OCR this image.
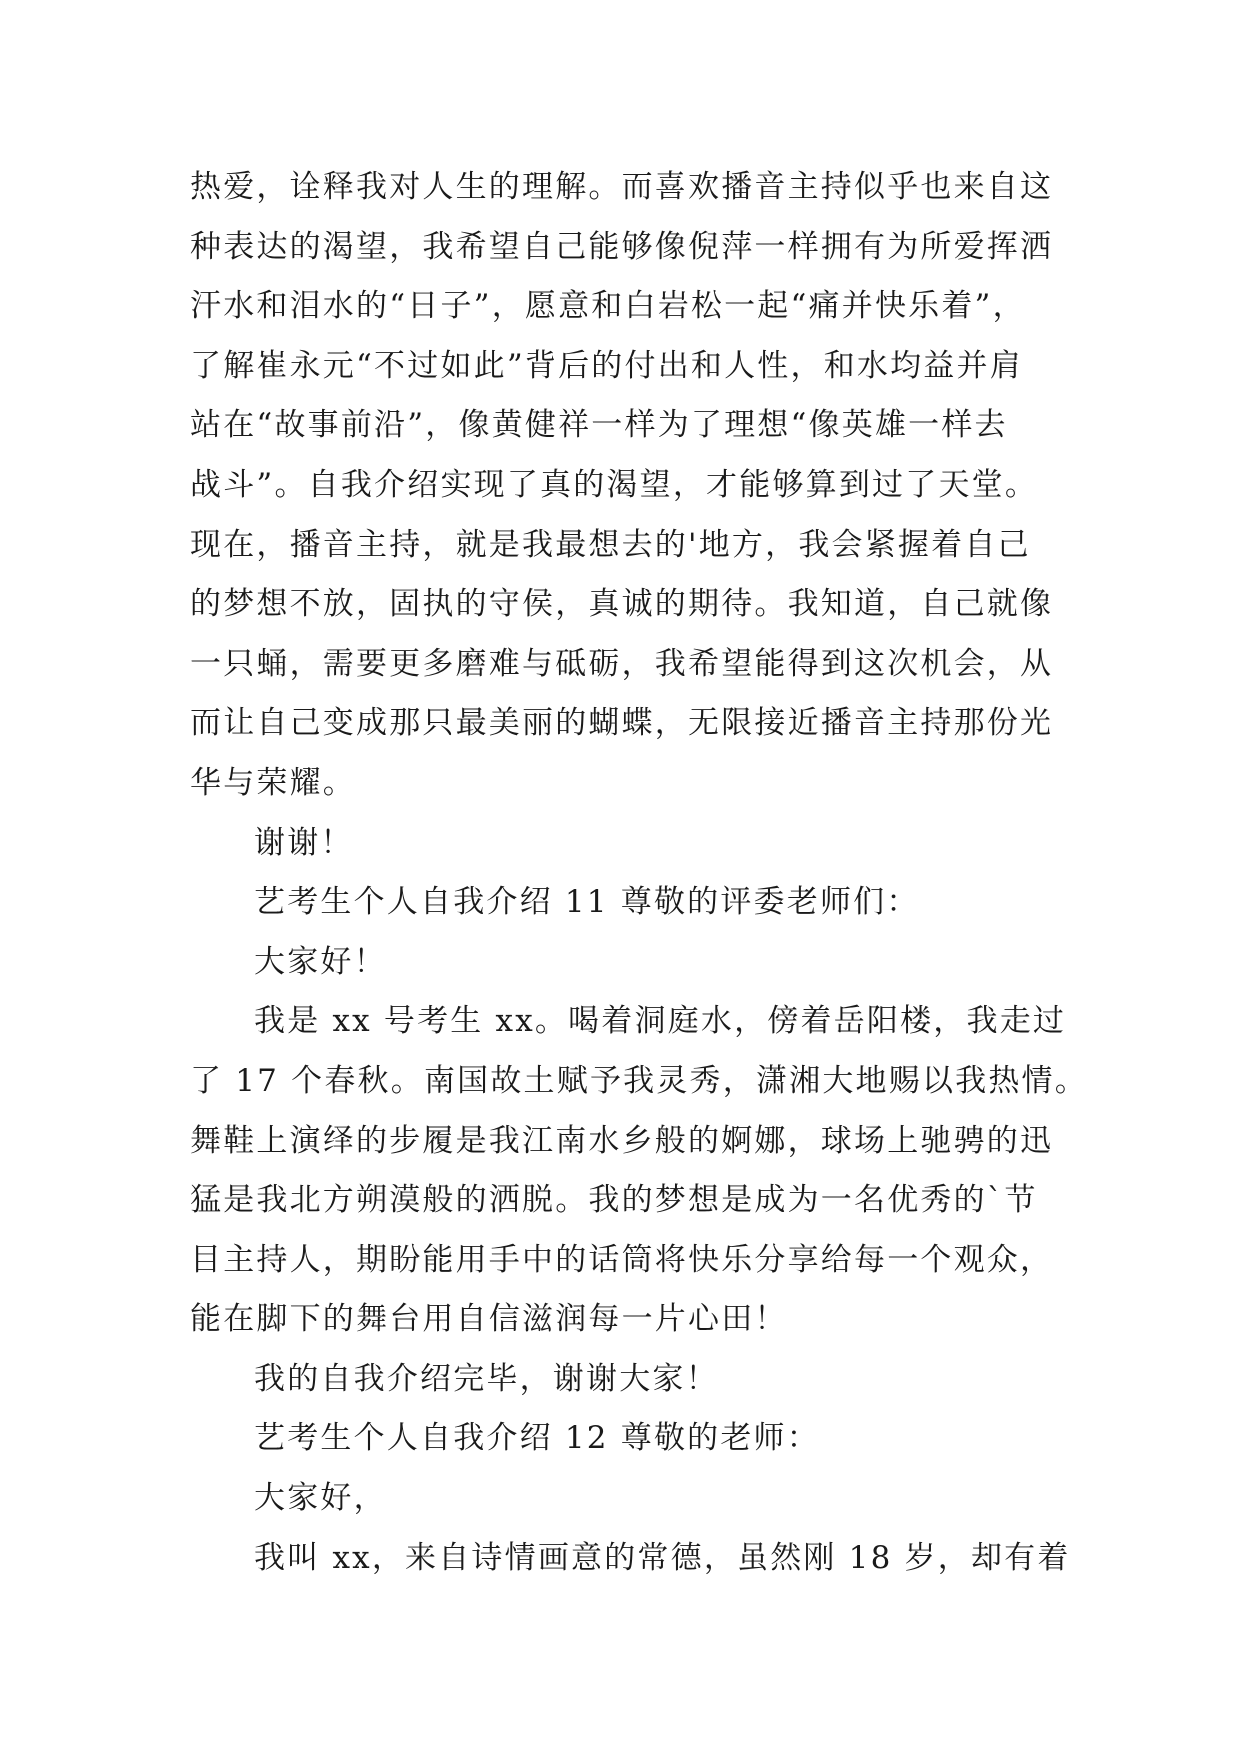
热爱，诠释我对人生的理解。而喜欢播音主持似乎也来自这
种表达的渴望，我希望自己能够像倪萍一样拥有为所爱挥洒
汗水和泪水的“日子”，愿意和白岩松一起“痛并快乐着”，
了解崔永元“不过如此”背后的付出和人性，和水均益并肩
站在“故事前沿”，像黄健祥一样为了理想“像英雄一样去
战斗”。自我介绍实现了真的渴望，才能够算到过了天堂。
现在，播音主持，就是我最想去的'地方，我会紧握着自己
的梦想不放，固执的守侯，真诚的期待。我知道，自己就像
一只蛹，需要更多磨难与砥砺，我希望能得到这次机会，从
而让自己变成那只最美丽的蝴蝶，无限接近播音主持那份光
华与荣耀。
谢谢！
艺考生个人自我介绍 11 尊敬的评委老师们：
大家好！
我是 xx 号考生 xx。喝着洞庭水，傍着岳阳楼，我走过
了 17 个春秋。南国故土赋予我灵秀，潇湘大地赐以我热情。
舞鞋上演绎的步履是我江南水乡般的婀娜，球场上驰骋的迅
猛是我北方朔漠般的洒脱。我的梦想是成为一名优秀的`节
目主持人，期盼能用手中的话筒将快乐分享给每一个观众，
能在脚下的舞台用自信滋润每一片心田！
我的自我介绍完毕，谢谢大家！
艺考生个人自我介绍 12 尊敬的老师：
大家好，
我叫 xx，来自诗情画意的常德，虽然刚 18 岁，却有着
